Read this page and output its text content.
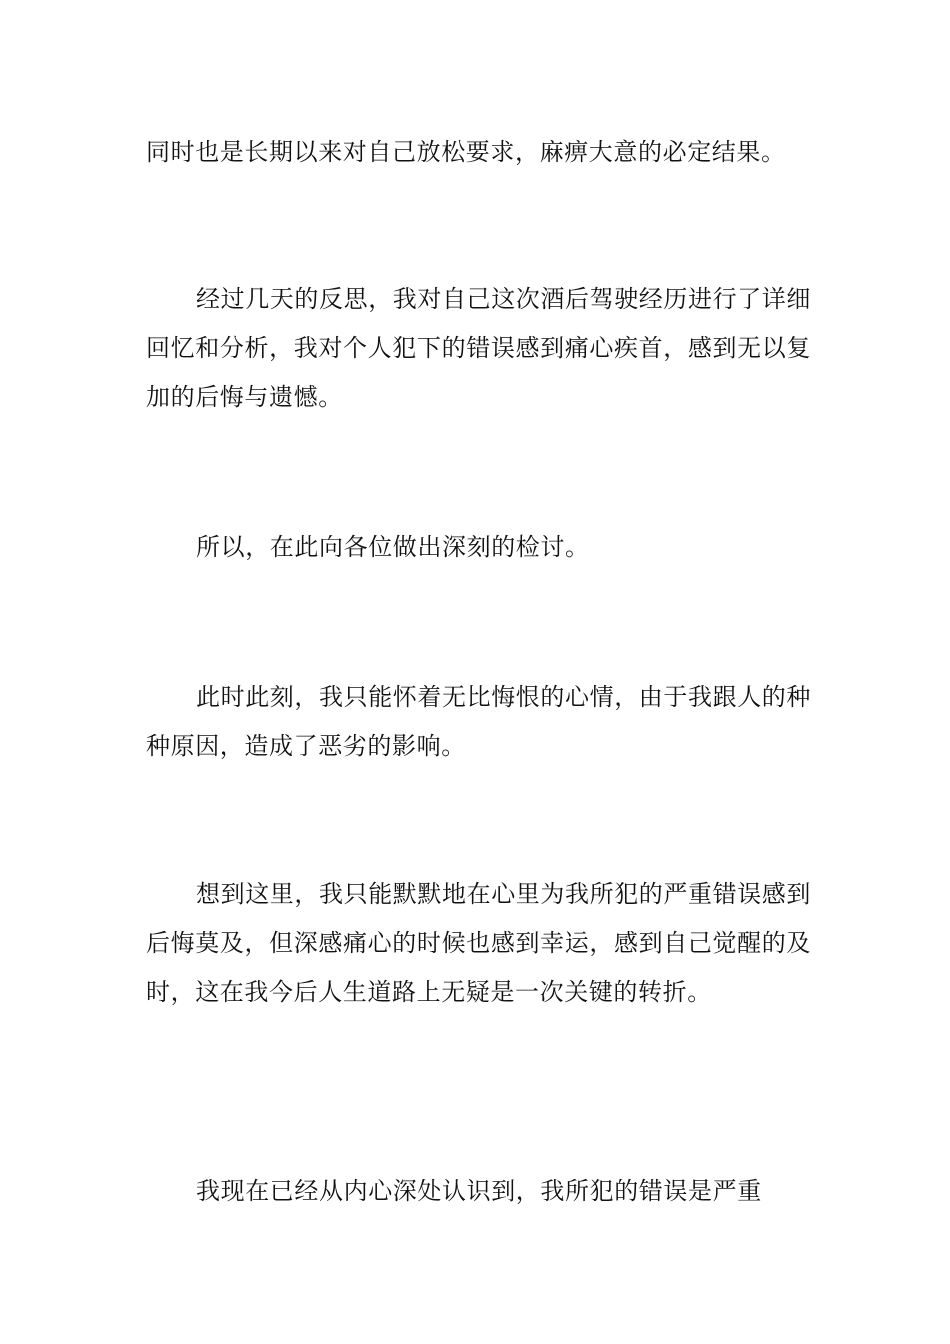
同时也是长期以来对自己放松要求，麻痹大意的必定结果。

经过几天的反思，我对自己这次酒后驾驶经历进行了详细回忆和分析，我对个人犯下的错误感到痛心疾首，感到无以复加的后悔与遗憾。

所以，在此向各位做出深刻的检讨。

此时此刻，我只能怀着无比悔恨的心情，由于我跟人的种种原因，造成了恶劣的影响。

想到这里，我只能默默地在心里为我所犯的严重错误感到后悔莫及，但深感痛心的时候也感到幸运，感到自己觉醒的及时，这在我今后人生道路上无疑是一次关键的转折。

我现在已经从内心深处认识到，我所犯的错误是严重
